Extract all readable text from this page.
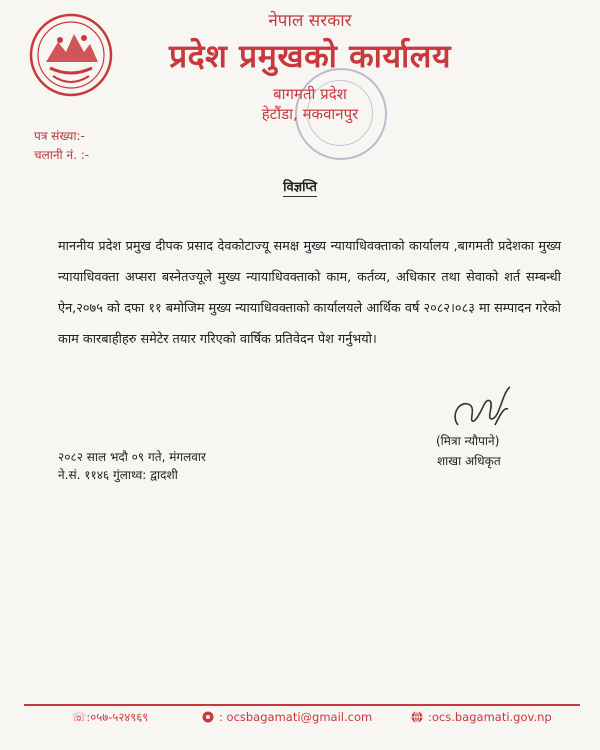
नेपाल सरकार
प्रदेश प्रमुखको कार्यालय
बागमती प्रदेश
हेटौंडा, मकवानपुर
पत्र संख्या:-
चलानी नं. :-
विज्ञप्ति
माननीय प्रदेश प्रमुख दीपक प्रसाद देवकोटाज्यू समक्ष मुख्य न्यायाधिवक्ताको कार्यालय ,बागमती प्रदेशका मुख्य न्यायाधिवक्ता अप्सरा बस्नेतज्यूले मुख्य न्यायाधिवक्ताको काम, कर्तव्य, अधिकार तथा सेवाको शर्त सम्बन्धी ऐन,२०७५ को दफा ११ बमोजिम मुख्य न्यायाधिवक्ताको कार्यालयले आर्थिक वर्ष २०८२।०८३ मा सम्पादन गरेको काम कारबाहीहरु समेटेर तयार गरिएको वार्षिक प्रतिवेदन पेश गर्नुभयो।
(मित्रा न्यौपाने)
शाखा अधिकृत
२०८२ साल भदौ ०९ गते, मंगलवार
ने.सं. ११४६ गुंलाथ्व: द्वादशी
☏:०५७-५२४९६९	: ocsbagamati@gmail.com	:ocs.bagamati.gov.np
